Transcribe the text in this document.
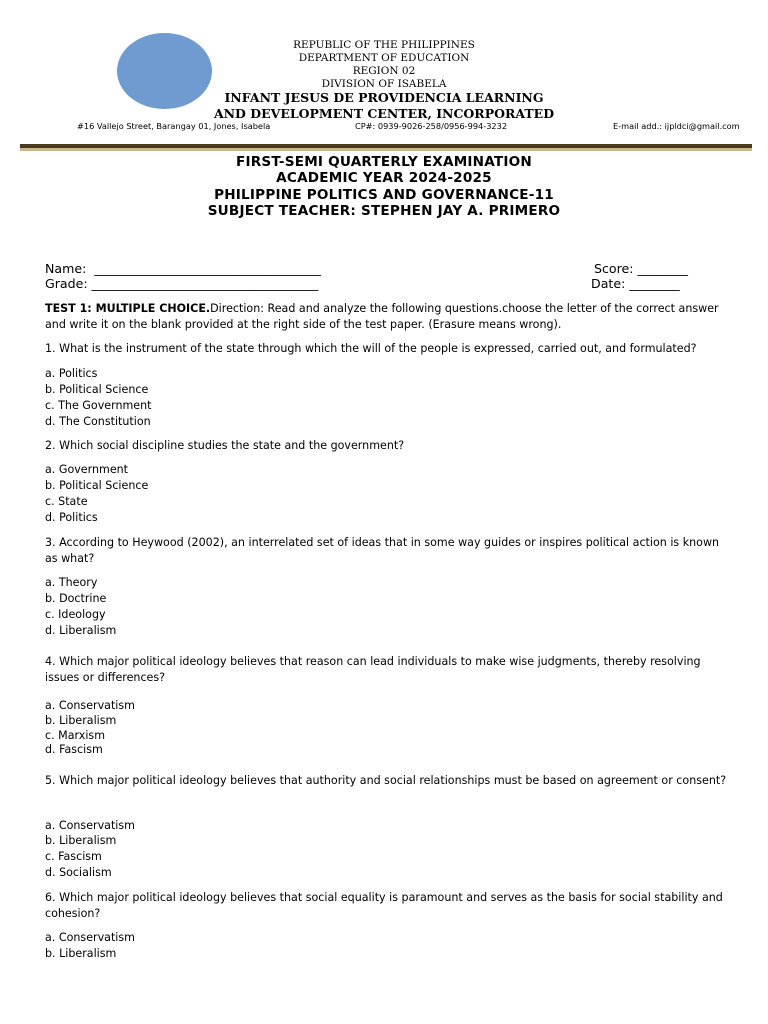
REPUBLIC OF THE PHILIPPINES
DEPARTMENT OF EDUCATION
REGION 02
DIVISION OF ISABELA
INFANT JESUS DE PROVIDENCIA LEARNING
AND DEVELOPMENT CENTER, INCORPORATED
#16 Vallejo Street, Barangay 01, Jones, Isabela	CP#: 0939-9026-258/0956-994-3232	E-mail add.: ijpldci@gmail.com
FIRST-SEMI QUARTERLY EXAMINATION
ACADEMIC YEAR 2024-2025
PHILIPPINE POLITICS AND GOVERNANCE-11
SUBJECT TEACHER: STEPHEN JAY A. PRIMERO
Name:  ____________________________________
Grade: ____________________________________
Score: ________
Date: ________

TEST 1: MULTIPLE CHOICE.Direction: Read and analyze the following questions.choose the letter of the correct answer and write it on the blank provided at the right side of the test paper. (Erasure means wrong).

1. What is the instrument of the state through which the will of the people is expressed, carried out, and formulated?
a. Politics
b. Political Science
c. The Government
d. The Constitution
2. Which social discipline studies the state and the government?
a. Government
b. Political Science
c. State
d. Politics
3. According to Heywood (2002), an interrelated set of ideas that in some way guides or inspires political action is known as what?
a. Theory
b. Doctrine
c. Ideology
d. Liberalism
4. Which major political ideology believes that reason can lead individuals to make wise judgments, thereby resolving issues or differences?
a. Conservatism
b. Liberalism
c. Marxism
d. Fascism
5. Which major political ideology believes that authority and social relationships must be based on agreement or consent?
a. Conservatism
b. Liberalism
c. Fascism
d. Socialism
6. Which major political ideology believes that social equality is paramount and serves as the basis for social stability and cohesion?
a. Conservatism
b. Liberalism
